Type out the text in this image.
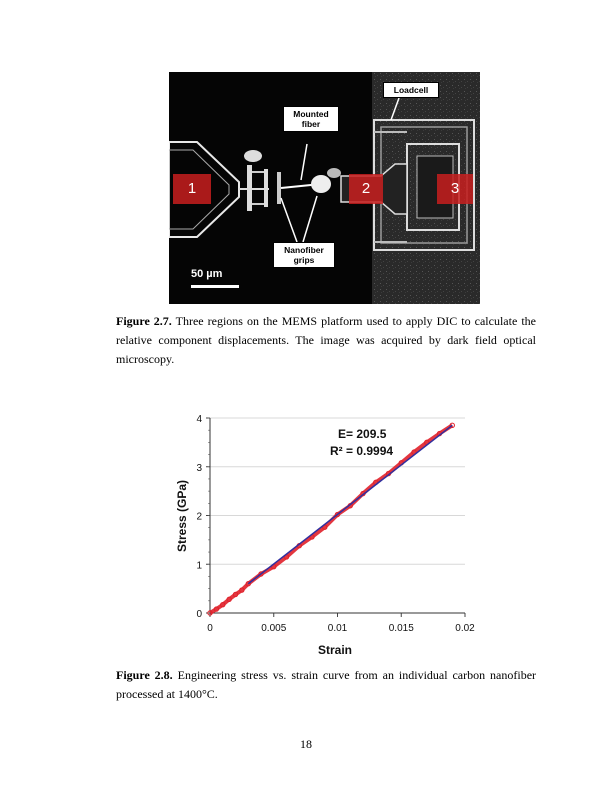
Loadcell
Mounted fiber
Nanofiber grips
1	2	3
50 µm
Figure 2.7. Three regions on the MEMS platform used to apply DIC to calculate the relative component displacements. The image was acquired by dark field optical microscopy.
0
1
2
3
4
0	0.005	0.01	0.015	0.02
E= 209.5
R² = 0.9994
Strain
Stress (GPa)
Figure 2.8. Engineering stress vs. strain curve from an individual carbon nanofiber processed at 1400°C.
18
